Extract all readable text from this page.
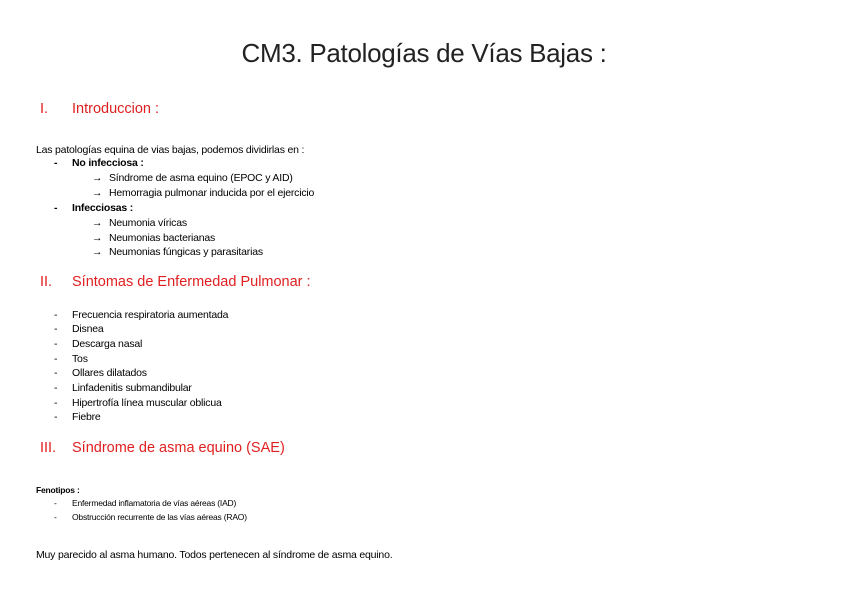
CM3. Patologías de Vías Bajas :
I. Introduccion :
Las patologías equina de vias bajas, podemos dividirlas en :
- No infecciosa :
→ Síndrome de asma equino (EPOC y AID)
→ Hemorragia pulmonar inducida por el ejercicio
- Infecciosas :
→ Neumonia víricas
→ Neumonias bacterianas
→ Neumonias fúngicas y parasitarias
II. Síntomas de Enfermedad Pulmonar :
- Frecuencia respiratoria aumentada
- Disnea
- Descarga nasal
- Tos
- Ollares dilatados
- Linfadenitis submandibular
- Hipertrofía línea muscular oblicua
- Fiebre
III. Síndrome de asma equino (SAE)
Fenotipos :
- Enfermedad inflamatoria de vías aéreas (IAD)
- Obstrucción recurrente de las vías aéreas (RAO)
Muy parecido al asma humano. Todos pertenecen al síndrome de asma equino.
